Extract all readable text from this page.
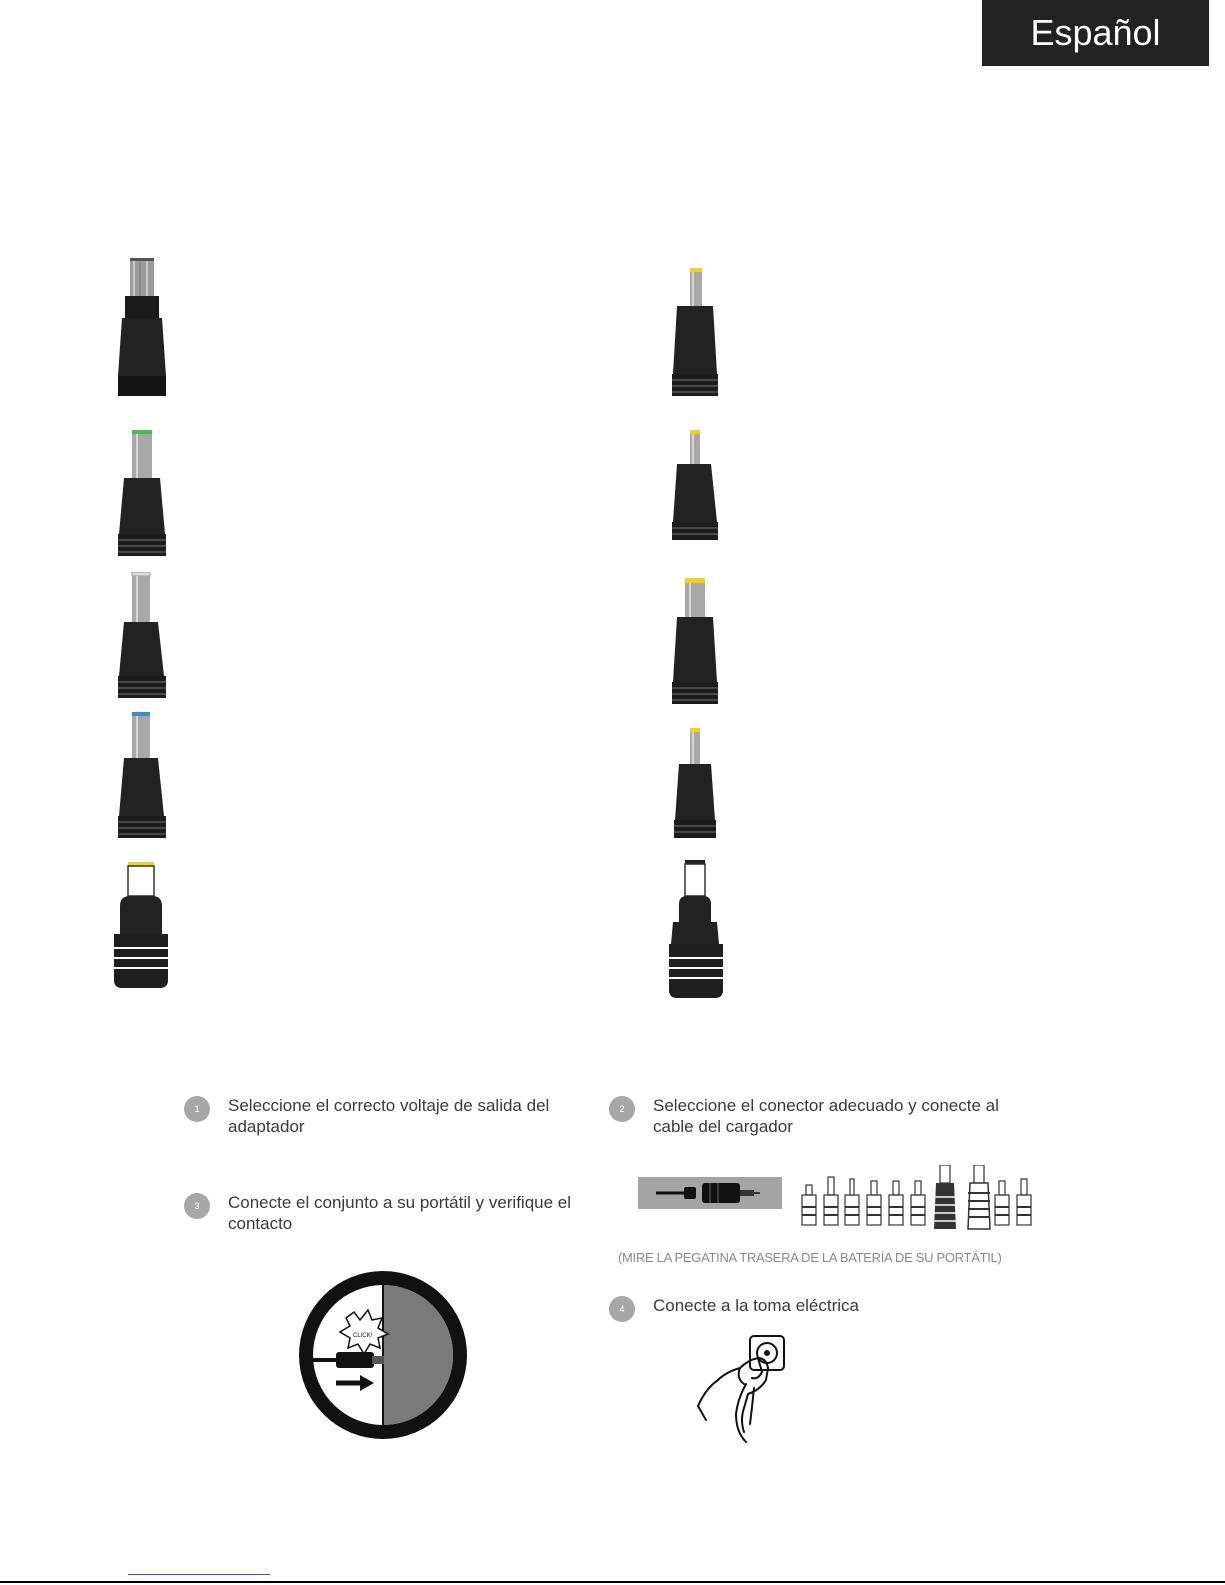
Español
1	Seleccione el correcto voltaje de salida del adaptador
2	Seleccione el conector adecuado y conecte al cable del cargador
3	Conecte el conjunto a su portátil y verifique el contacto
4	Conecte a la toma eléctrica
(MIRE LA PEGATINA TRASERA DE LA BATERÍA DE SU PORTÁTIL)
CLICK!
